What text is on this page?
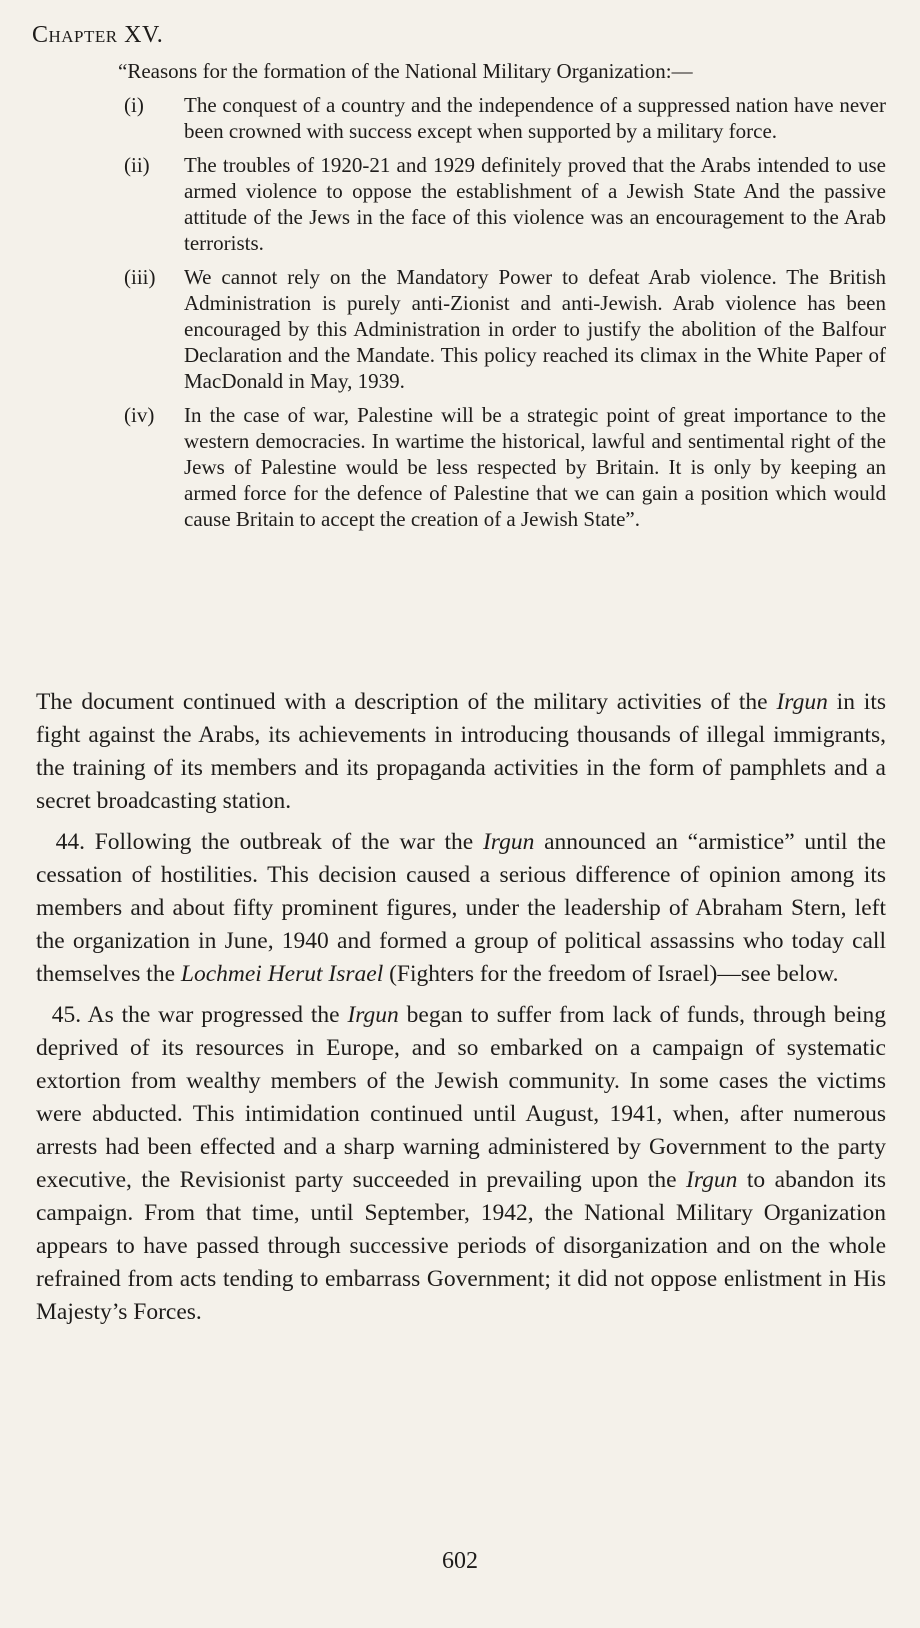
Chapter XV.
“Reasons for the formation of the National Military Organization:—
(i) The conquest of a country and the independence of a suppressed nation have never been crowned with success except when supported by a military force.
(ii) The troubles of 1920-21 and 1929 definitely proved that the Arabs intended to use armed violence to oppose the establishment of a Jewish State And the passive attitude of the Jews in the face of this violence was an encouragement to the Arab terrorists.
(iii) We cannot rely on the Mandatory Power to defeat Arab violence. The British Administration is purely anti-Zionist and anti-Jewish. Arab violence has been encouraged by this Administration in order to justify the abolition of the Balfour Declaration and the Mandate. This policy reached its climax in the White Paper of MacDonald in May, 1939.
(iv) In the case of war, Palestine will be a strategic point of great importance to the western democracies. In wartime the historical, lawful and sentimental right of the Jews of Palestine would be less respected by Britain. It is only by keeping an armed force for the defence of Palestine that we can gain a position which would cause Britain to accept the creation of a Jewish State”.

The document continued with a description of the military activities of the Irgun in its fight against the Arabs, its achievements in introducing thousands of illegal immigrants, the training of its members and its propaganda activities in the form of pamphlets and a secret broadcasting station.

44. Following the outbreak of the war the Irgun announced an “armistice” until the cessation of hostilities. This decision caused a serious difference of opinion among its members and about fifty prominent figures, under the leadership of Abraham Stern, left the organization in June, 1940 and formed a group of political assassins who today call themselves the Lochmei Herut Israel (Fighters for the freedom of Israel)—see below.

45. As the war progressed the Irgun began to suffer from lack of funds, through being deprived of its resources in Europe, and so embarked on a campaign of systematic extortion from wealthy members of the Jewish community. In some cases the victims were abducted. This intimidation continued until August, 1941, when, after numerous arrests had been effected and a sharp warning administered by Government to the party executive, the Revisionist party succeeded in prevailing upon the Irgun to abandon its campaign. From that time, until September, 1942, the National Military Organization appears to have passed through successive periods of disorganization and on the whole refrained from acts tending to embarrass Government; it did not oppose enlistment in His Majesty’s Forces.

602
